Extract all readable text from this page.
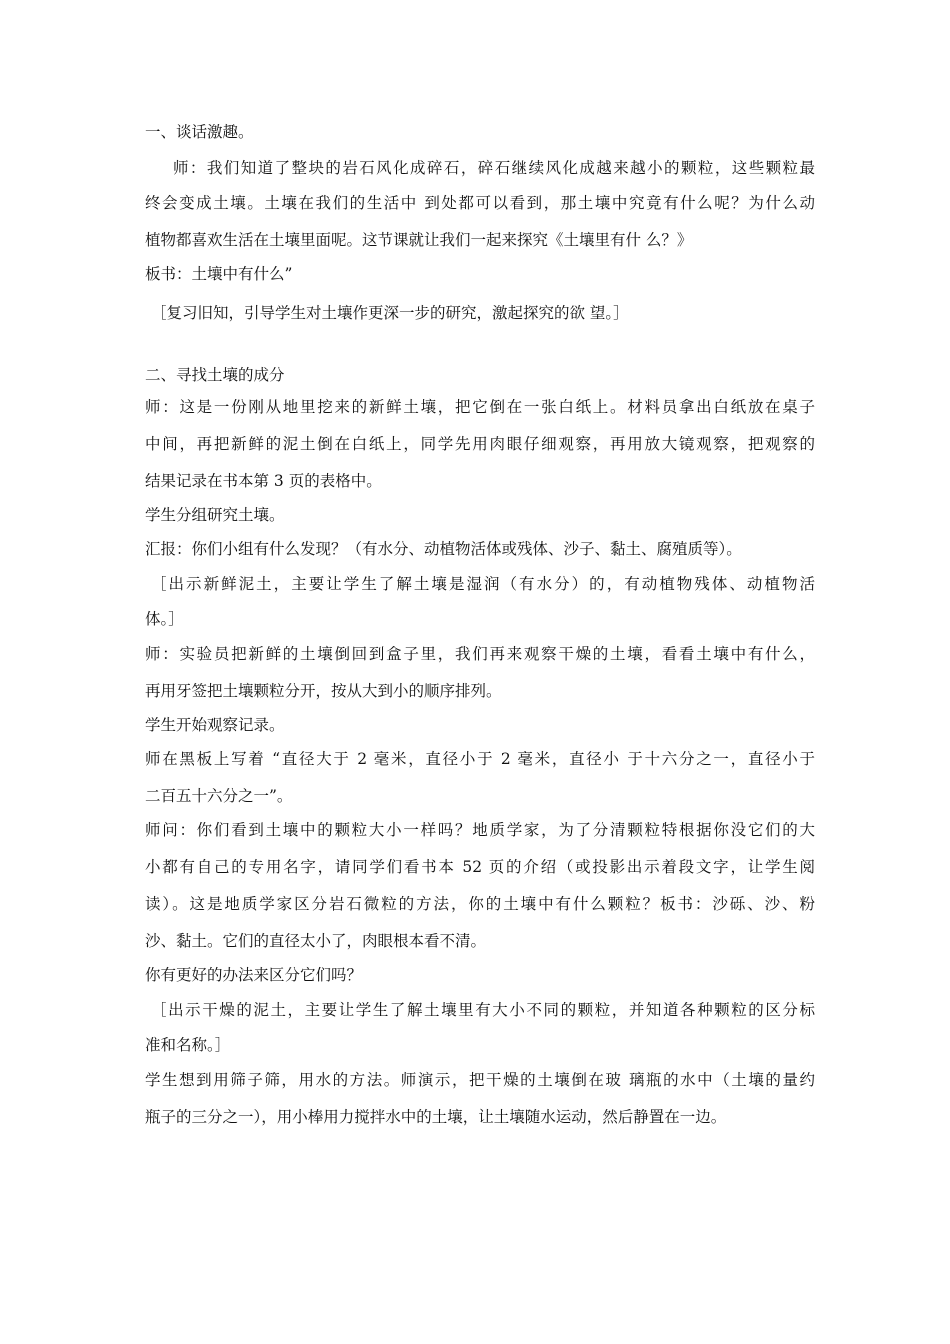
一、谈话激趣。
师：我们知道了整块的岩石风化成碎石，碎石继续风化成越来越小的颗粒，这些颗粒最
终会变成土壤。土壤在我们的生活中 到处都可以看到，那土壤中究竟有什么呢？为什么动
植物都喜欢生活在土壤里面呢。这节课就让我们一起来探究《土壤里有什 么？》
板书：土壤中有什么”
［复习旧知，引导学生对土壤作更深一步的研究，激起探究的欲 望。］
二、寻找土壤的成分
师：这是一份刚从地里挖来的新鲜土壤，把它倒在一张白纸上。材料员拿出白纸放在桌子
中间，再把新鲜的泥土倒在白纸上，同学先用肉眼仔细观察，再用放大镜观察，把观察的
结果记录在书本第 3 页的表格中。
学生分组研究土壤。
汇报：你们小组有什么发现？（有水分、动植物活体或残体、沙子、黏土、腐殖质等）。
［出示新鲜泥土，主要让学生了解土壤是湿润（有水分）的，有动植物残体、动植物活
体。］
师：实验员把新鲜的土壤倒回到盒子里，我们再来观察干燥的土壤，看看土壤中有什么，
再用牙签把土壤颗粒分开，按从大到小的顺序排列。
学生开始观察记录。
师在黑板上写着 “直径大于 2 毫米，直径小于 2 毫米，直径小 于十六分之一，直径小于
二百五十六分之一”。
师问：你们看到土壤中的颗粒大小一样吗？地质学家，为了分清颗粒特根据你没它们的大
小都有自己的专用名字，请同学们看书本 52 页的介绍（或投影出示着段文字，让学生阅
读）。这是地质学家区分岩石微粒的方法，你的土壤中有什么颗粒？板书：沙砾、沙、粉
沙、黏土。它们的直径太小了，肉眼根本看不清。
你有更好的办法来区分它们吗？
［出示干燥的泥土，主要让学生了解土壤里有大小不同的颗粒，并知道各种颗粒的区分标
准和名称。］
学生想到用筛子筛，用水的方法。师演示，把干燥的土壤倒在玻 璃瓶的水中（土壤的量约
瓶子的三分之一），用小棒用力搅拌水中的土壤，让土壤随水运动，然后静置在一边。
